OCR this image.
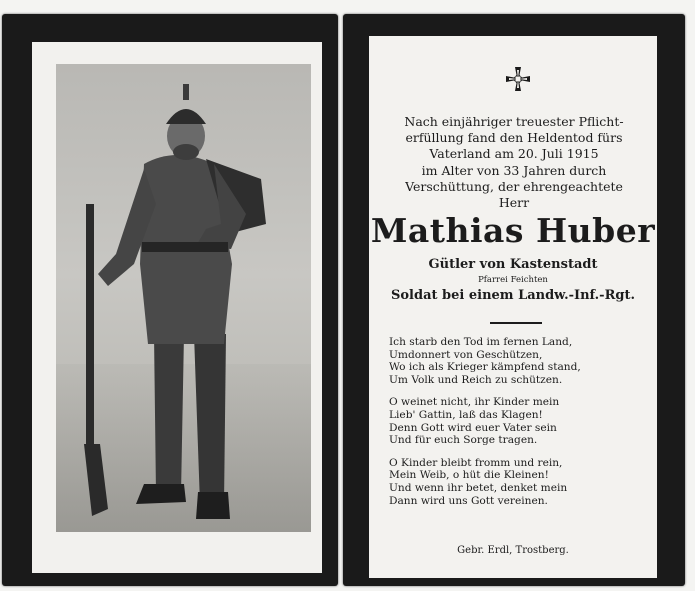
Nach einjähriger treuester Pflicht-
erfüllung fand den Heldentod fürs
Vaterland am 20. Juli 1915
im Alter von 33 Jahren durch
Verschüttung, der ehrengeachtete
Herr
Mathias Huber
Gütler von Kastenstadt
Pfarrei Feichten
Soldat bei einem Landw.-Inf.-Rgt.
Ich starb den Tod im fernen Land,
Umdonnert von Geschützen,
Wo ich als Krieger kämpfend stand,
Um Volk und Reich zu schützen.
O weinet nicht, ihr Kinder mein
Lieb' Gattin, laß das Klagen!
Denn Gott wird euer Vater sein
Und für euch Sorge tragen.
O Kinder bleibt fromm und rein,
Mein Weib, o hüt die Kleinen!
Und wenn ihr betet, denket mein
Dann wird uns Gott vereinen.
Gebr. Erdl, Trostberg.
